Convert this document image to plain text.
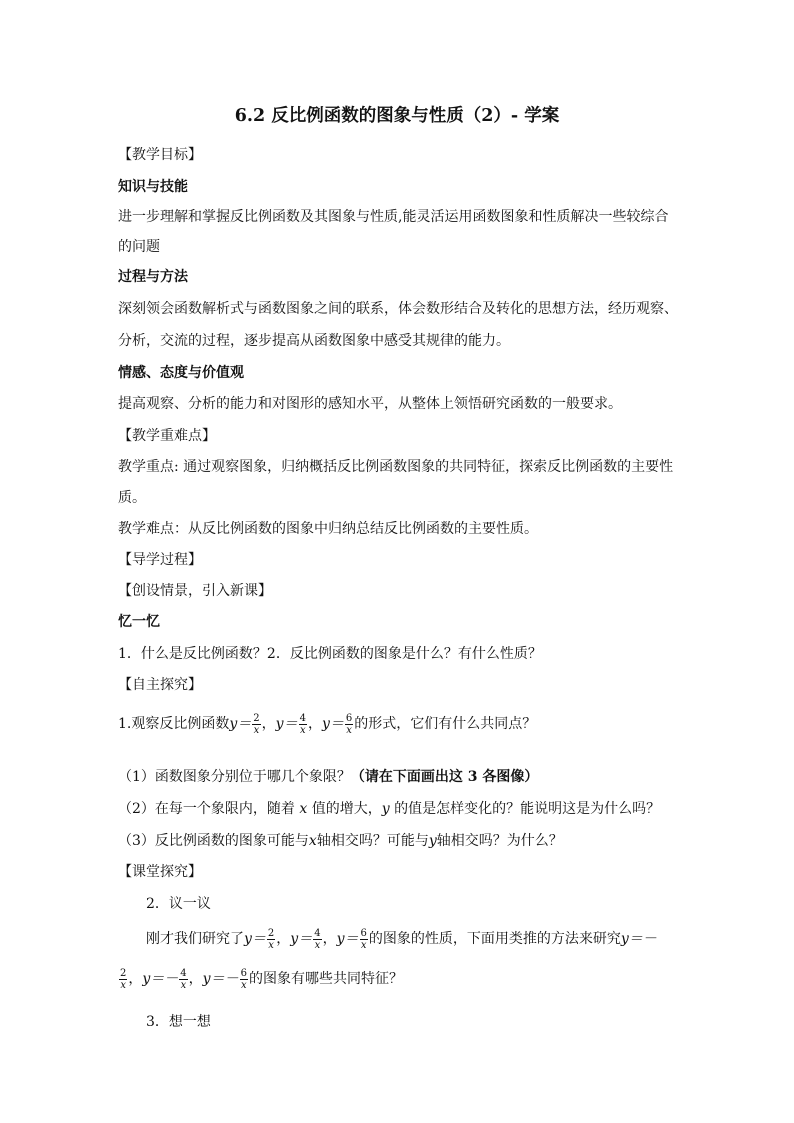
6.2 反比例函数的图象与性质（2）- 学案
【教学目标】
知识与技能
进一步理解和掌握反比例函数及其图象与性质,能灵活运用函数图象和性质解决一些较综合
的问题
过程与方法
深刻领会函数解析式与函数图象之间的联系，体会数形结合及转化的思想方法，经历观察、
分析，交流的过程，逐步提高从函数图象中感受其规律的能力。
情感、态度与价值观
提高观察、分析的能力和对图形的感知水平，从整体上领悟研究函数的一般要求。
【教学重难点】
教学重点: 通过观察图象，归纳概括反比例函数图象的共同特征，探索反比例函数的主要性
质。
教学难点：从反比例函数的图象中归纳总结反比例函数的主要性质。
【导学过程】
【创设情景，引入新课】
忆一忆
1．什么是反比例函数？2．反比例函数的图象是什么？有什么性质？
【自主探究】
1.观察反比例函数$y= \frac{2}{x}$ ，$y= \frac{4}{x}$ ，$y= \frac{6}{x}$ 的形式，它们有什么共同点？
（1）函数图象分别位于哪几个象限？（请在下面画出这 3 各图像）
（2）在每一个象限内，随着 x 值的增大，y 的值是怎样变化的？能说明这是为什么吗？
（3）反比例函数的图象可能与x轴相交吗？可能与y轴相交吗？为什么？
【课堂探究】
2．议一议
刚才我们研究了$y= \frac{2}{x}$ ，$y= \frac{4}{x}$ ，$y= \frac{6}{x}$ 的图象的性质，下面用类推的方法来研究y＝－
$\frac{2}{x}$ ，$y=- \frac{4}{x}$ ，$y=- \frac{6}{x}$ 的图象有哪些共同特征？
3．想一想
